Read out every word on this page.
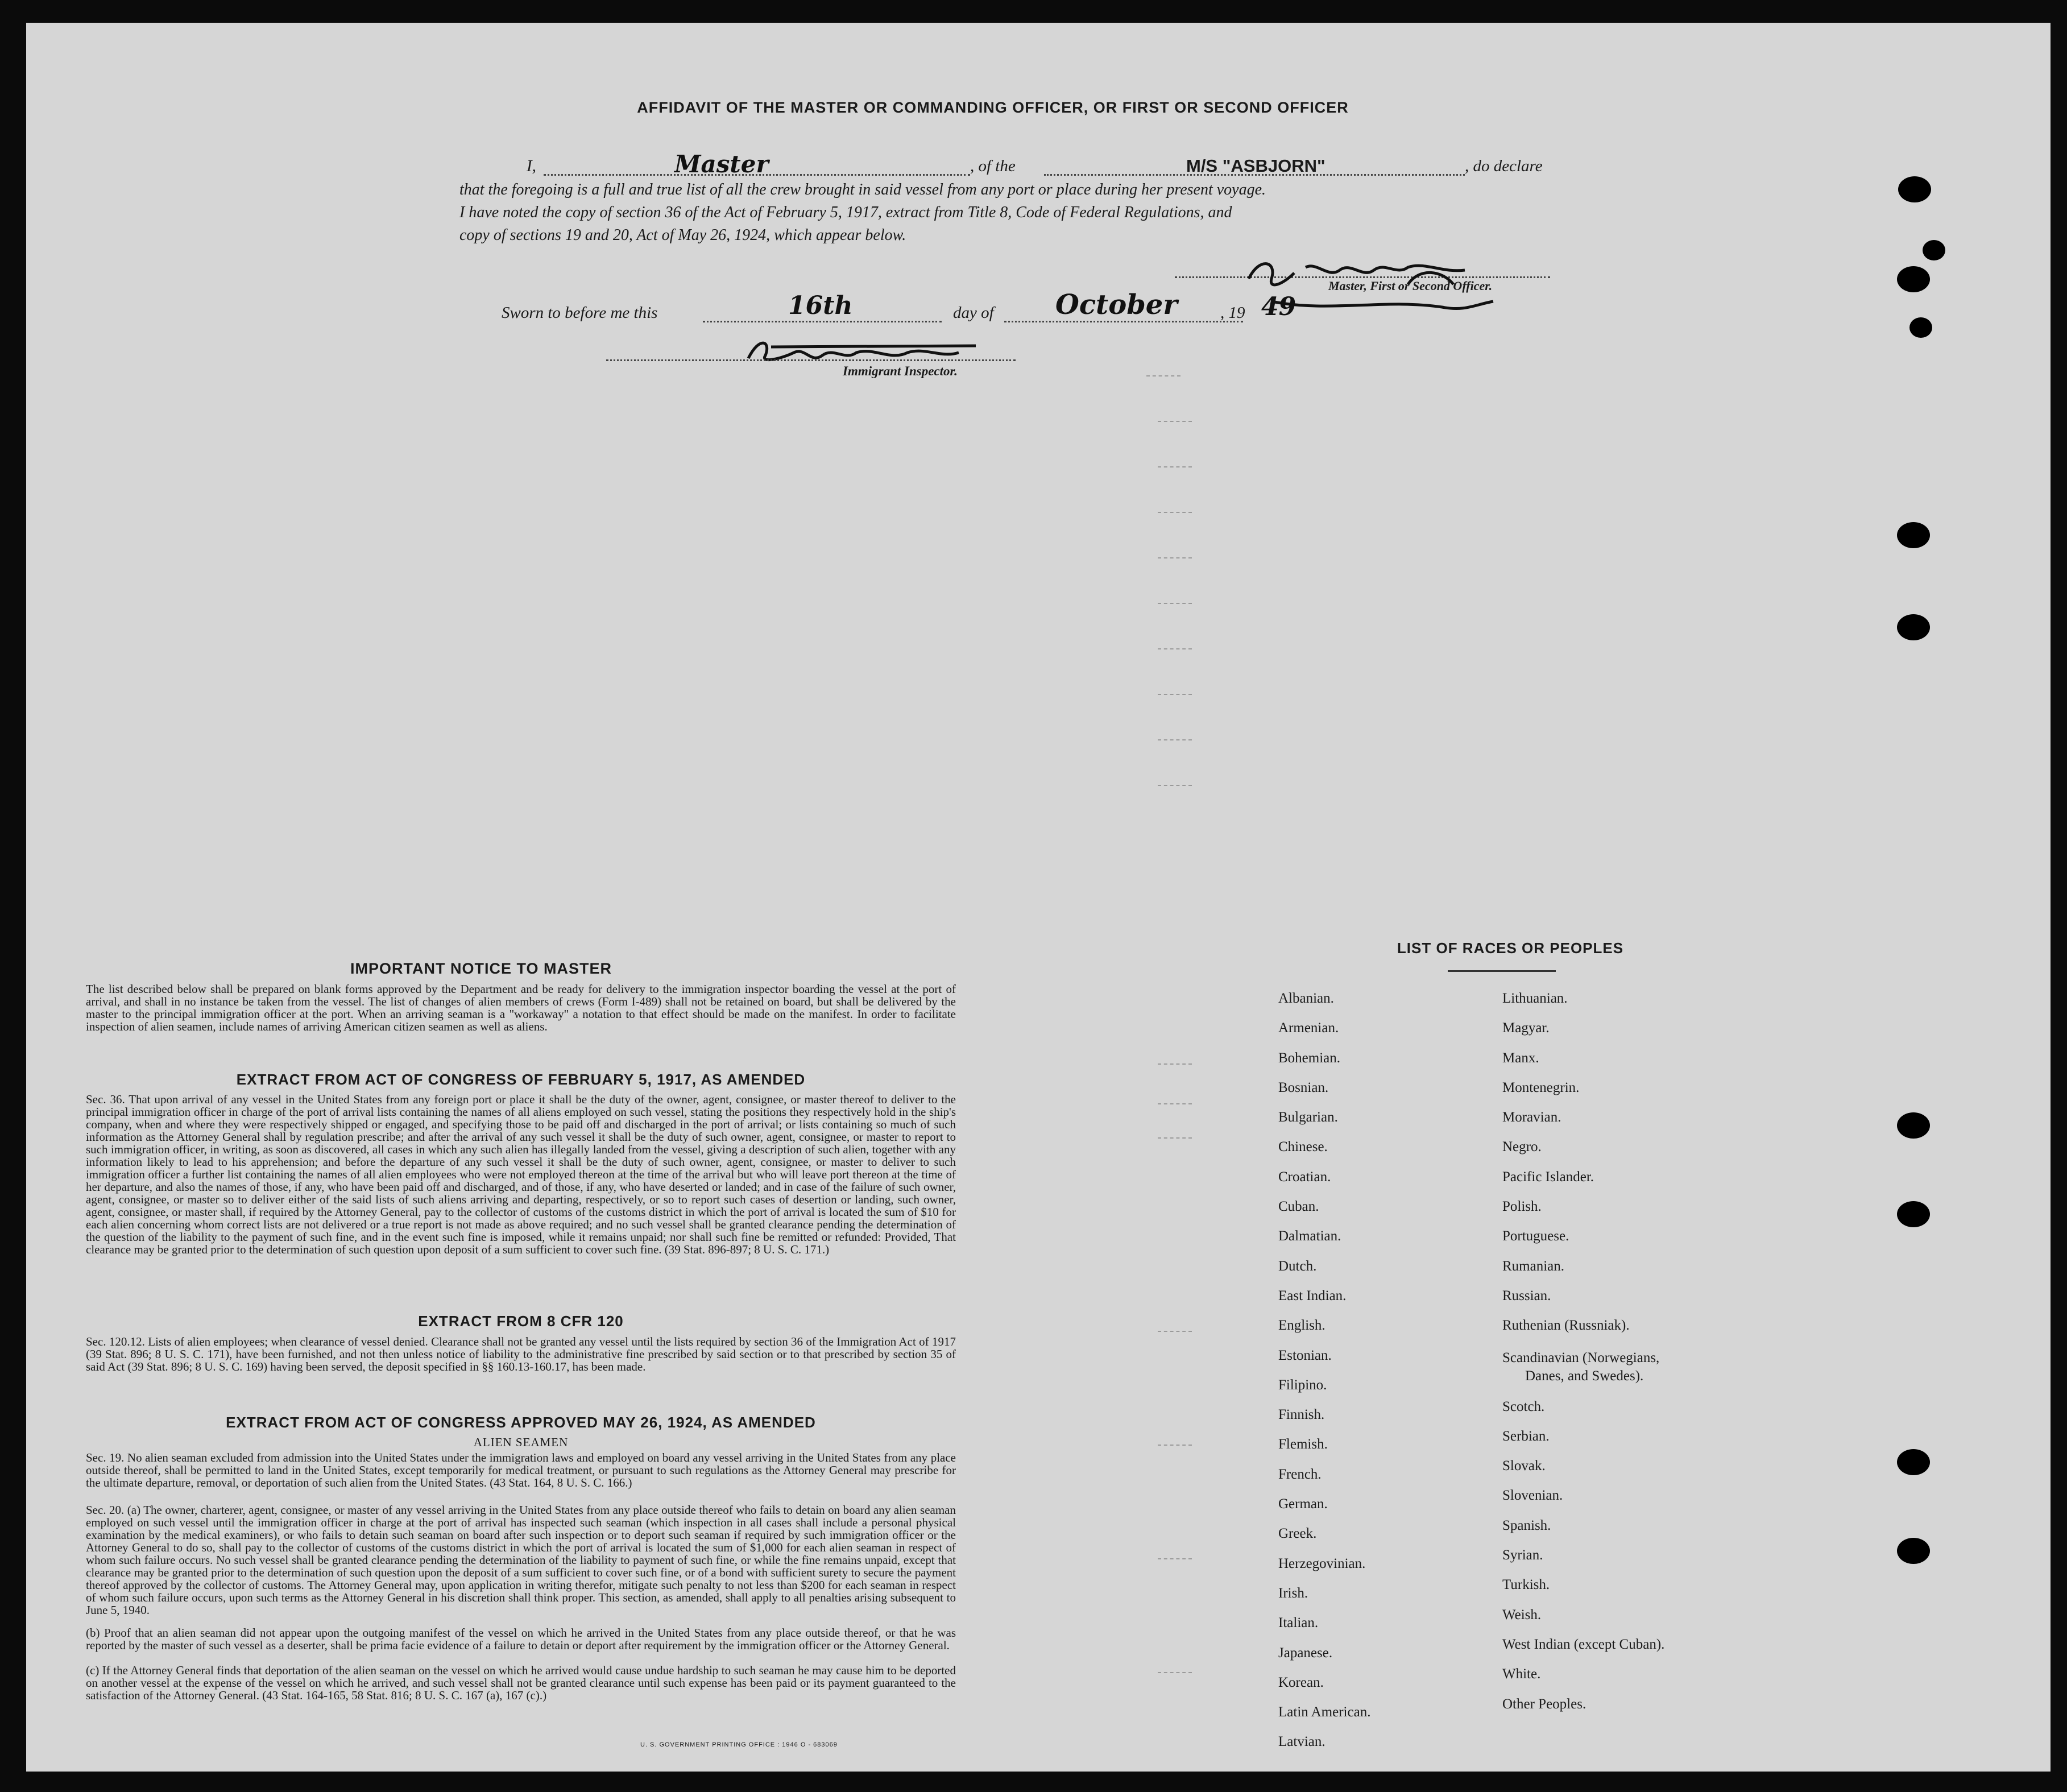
AFFIDAVIT OF THE MASTER OR COMMANDING OFFICER, OR FIRST OR SECOND OFFICER
I,	Master	, of the	M/S "ASBJORN"	, do declare
that the foregoing is a full and true list of all the crew brought in said vessel from any port or place during her present voyage.
I have noted the copy of section 36 of the Act of February 5, 1917, extract from Title 8, Code of Federal Regulations, and
copy of sections 19 and 20, Act of May 26, 1924, which appear below.
Master, First or Second Officer.
Sworn to before me this	16th	day of October	, 19 49
Immigrant Inspector.
IMPORTANT NOTICE TO MASTER
The list described below shall be prepared on blank forms approved by the Department and be ready for delivery to the immigration inspector boarding the vessel at the port of arrival, and shall in no instance be taken from the vessel. The list of changes of alien members of crews (Form I-489) shall not be retained on board, but shall be delivered by the master to the principal immigration officer at the port. When an arriving seaman is a "workaway" a notation to that effect should be made on the manifest. In order to facilitate inspection of alien seamen, include names of arriving American citizen seamen as well as aliens.
EXTRACT FROM ACT OF CONGRESS OF FEBRUARY 5, 1917, AS AMENDED
Sec. 36. That upon arrival of any vessel in the United States from any foreign port or place it shall be the duty of the owner, agent, consignee, or master thereof to deliver to the principal immigration officer in charge of the port of arrival lists containing the names of all aliens employed on such vessel, stating the positions they respectively hold in the ship's company, when and where they were respectively shipped or engaged, and specifying those to be paid off and discharged in the port of arrival; or lists containing so much of such information as the Attorney General shall by regulation prescribe; and after the arrival of any such vessel it shall be the duty of such owner, agent, consignee, or master to report to such immigration officer, in writing, as soon as discovered, all cases in which any such alien has illegally landed from the vessel, giving a description of such alien, together with any information likely to lead to his apprehension; and before the departure of any such vessel it shall be the duty of such owner, agent, consignee, or master to deliver to such immigration officer a further list containing the names of all alien employees who were not employed thereon at the time of the arrival but who will leave port thereon at the time of her departure, and also the names of those, if any, who have been paid off and discharged, and of those, if any, who have deserted or landed; and in case of the failure of such owner, agent, consignee, or master so to deliver either of the said lists of such aliens arriving and departing, respectively, or so to report such cases of desertion or landing, such owner, agent, consignee, or master shall, if required by the Attorney General, pay to the collector of customs of the customs district in which the port of arrival is located the sum of $10 for each alien concerning whom correct lists are not delivered or a true report is not made as above required; and no such vessel shall be granted clearance pending the determination of the question of the liability to the payment of such fine, and in the event such fine is imposed, while it remains unpaid; nor shall such fine be remitted or refunded: Provided, That clearance may be granted prior to the determination of such question upon deposit of a sum sufficient to cover such fine. (39 Stat. 896-897; 8 U. S. C. 171.)
EXTRACT FROM 8 CFR 120
Sec. 120.12. Lists of alien employees; when clearance of vessel denied. Clearance shall not be granted any vessel until the lists required by section 36 of the Immigration Act of 1917 (39 Stat. 896; 8 U. S. C. 171), have been furnished, and not then unless notice of liability to the administrative fine prescribed by said section or to that prescribed by section 35 of said Act (39 Stat. 896; 8 U. S. C. 169) having been served, the deposit specified in §§ 160.13-160.17, has been made.
EXTRACT FROM ACT OF CONGRESS APPROVED MAY 26, 1924, AS AMENDED
ALIEN SEAMEN
Sec. 19. No alien seaman excluded from admission into the United States under the immigration laws and employed on board any vessel arriving in the United States from any place outside thereof, shall be permitted to land in the United States, except temporarily for medical treatment, or pursuant to such regulations as the Attorney General may prescribe for the ultimate departure, removal, or deportation of such alien from the United States. (43 Stat. 164, 8 U. S. C. 166.)
Sec. 20. (a) The owner, charterer, agent, consignee, or master of any vessel arriving in the United States from any place outside thereof who fails to detain on board any alien seaman employed on such vessel until the immigration officer in charge at the port of arrival has inspected such seaman (which inspection in all cases shall include a personal physical examination by the medical examiners), or who fails to detain such seaman on board after such inspection or to deport such seaman if required by such immigration officer or the Attorney General to do so, shall pay to the collector of customs of the customs district in which the port of arrival is located the sum of $1,000 for each alien seaman in respect of whom such failure occurs. No such vessel shall be granted clearance pending the determination of the liability to payment of such fine, or while the fine remains unpaid, except that clearance may be granted prior to the determination of such question upon the deposit of a sum sufficient to cover such fine, or of a bond with sufficient surety to secure the payment thereof approved by the collector of customs. The Attorney General may, upon application in writing therefor, mitigate such penalty to not less than $200 for each seaman in respect of whom such failure occurs, upon such terms as the Attorney General in his discretion shall think proper. This section, as amended, shall apply to all penalties arising subsequent to June 5, 1940.
(b) Proof that an alien seaman did not appear upon the outgoing manifest of the vessel on which he arrived in the United States from any place outside thereof, or that he was reported by the master of such vessel as a deserter, shall be prima facie evidence of a failure to detain or deport after requirement by the immigration officer or the Attorney General.
(c) If the Attorney General finds that deportation of the alien seaman on the vessel on which he arrived would cause undue hardship to such seaman he may cause him to be deported on another vessel at the expense of the vessel on which he arrived, and such vessel shall not be granted clearance until such expense has been paid or its payment guaranteed to the satisfaction of the Attorney General. (43 Stat. 164-165, 58 Stat. 816; 8 U. S. C. 167 (a), 167 (c).)
U. S. GOVERNMENT PRINTING OFFICE : 1946 O - 683069
LIST OF RACES OR PEOPLES
Albanian.
Armenian.
Bohemian.
Bosnian.
Bulgarian.
Chinese.
Croatian.
Cuban.
Dalmatian.
Dutch.
East Indian.
English.
Estonian.
Filipino.
Finnish.
Flemish.
French.
German.
Greek.
Herzegovinian.
Irish.
Italian.
Japanese.
Korean.
Latin American.
Latvian.
Lithuanian.
Magyar.
Manx.
Montenegrin.
Moravian.
Negro.
Pacific Islander.
Polish.
Portuguese.
Rumanian.
Russian.
Ruthenian (Russniak).
Scandinavian (Norwegians,
Danes, and Swedes).
Scotch.
Serbian.
Slovak.
Slovenian.
Spanish.
Syrian.
Turkish.
Weish.
West Indian (except Cuban).
White.
Other Peoples.
